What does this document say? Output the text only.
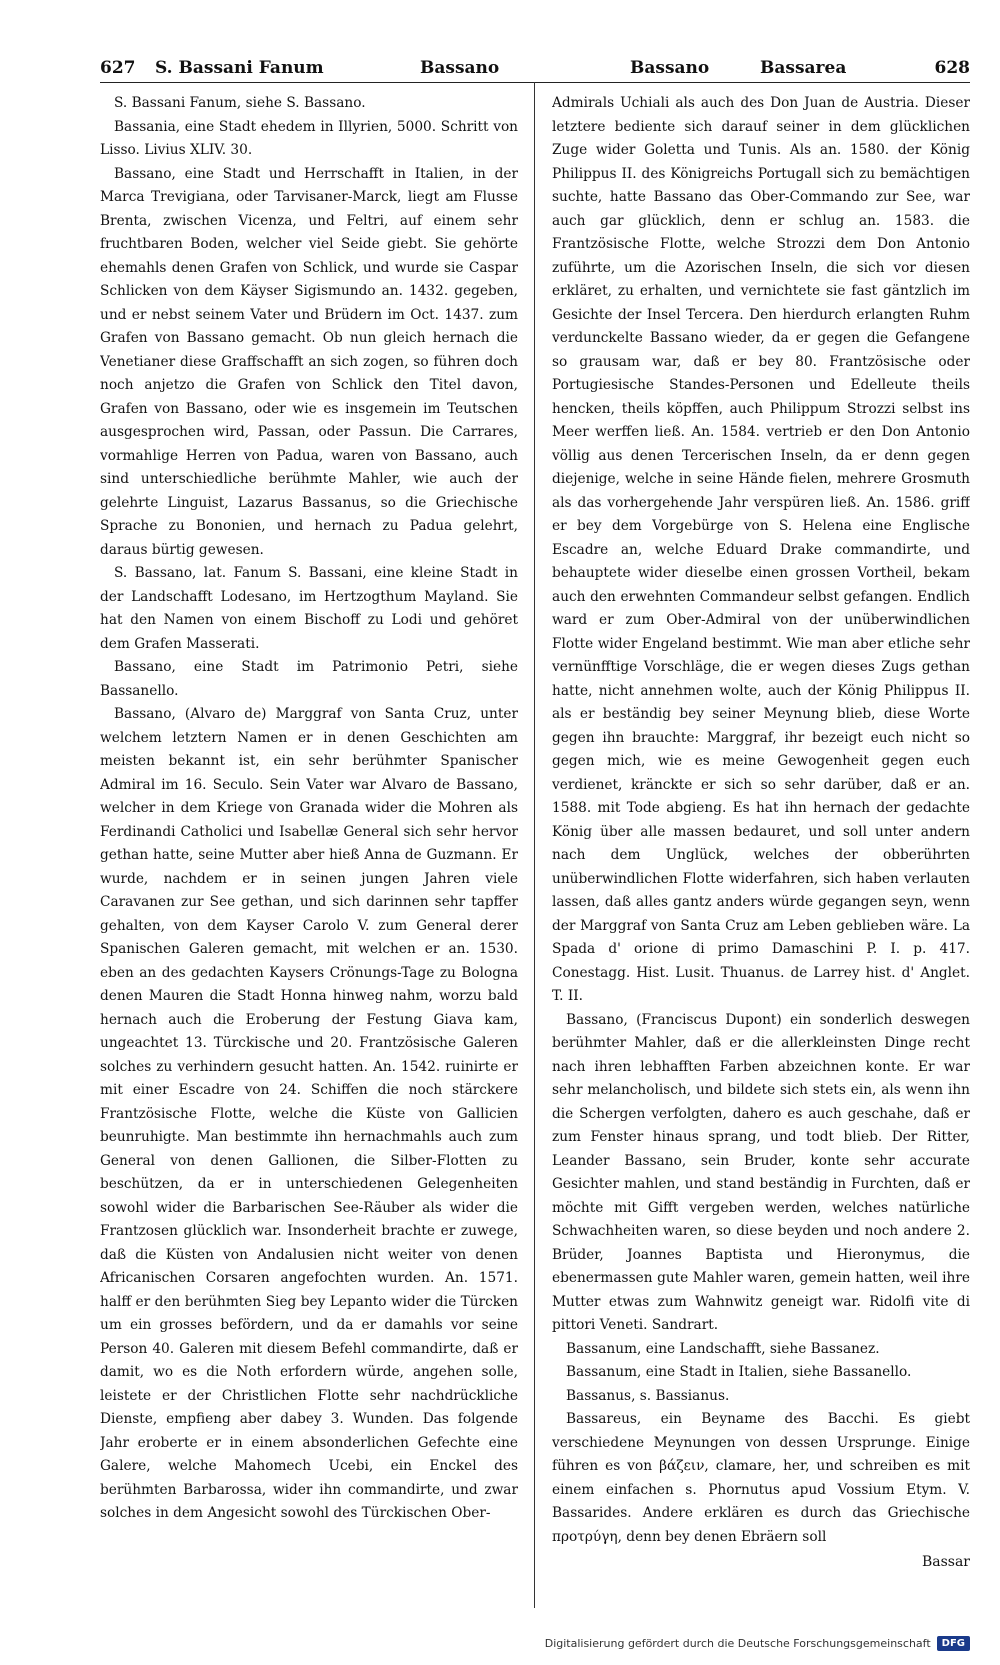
627 S. Bassani Fanum	Bassano	Bassano	Bassarea	628

S. Bassani Fanum, siehe S. Bassano.

Bassania, eine Stadt ehedem in Illyrien, 5000. Schritt von Lisso. Livius XLIV. 30.

Bassano, eine Stadt und Herrschafft in Italien, in der Marca Trevigiana, oder Tarvisaner-Marck, liegt am Flusse Brenta, zwischen Vicenza, und Feltri, auf einem sehr fruchtbaren Boden, welcher viel Seide giebt. Sie gehörte ehemahls denen Grafen von Schlick, und wurde sie Caspar Schlicken von dem Käyser Sigismundo an. 1432. gegeben, und er nebst seinem Vater und Brüdern im Oct. 1437. zum Grafen von Bassano gemacht. Ob nun gleich hernach die Venetianer diese Graffschafft an sich zogen, so führen doch noch anjetzo die Grafen von Schlick den Titel davon, Grafen von Bassano, oder wie es insgemein im Teutschen ausgesprochen wird, Passan, oder Passun. Die Carrares, vormahlige Herren von Padua, waren von Bassano, auch sind unterschiedliche berühmte Mahler, wie auch der gelehrte Linguist, Lazarus Bassanus, so die Griechische Sprache zu Bononien, und hernach zu Padua gelehrt, daraus bürtig gewesen.

S. Bassano, lat. Fanum S. Bassani, eine kleine Stadt in der Landschafft Lodesano, im Hertzogthum Mayland. Sie hat den Namen von einem Bischoff zu Lodi und gehöret dem Grafen Masserati.

Bassano, eine Stadt im Patrimonio Petri, siehe Bassanello.

Bassano, (Alvaro de) Marggraf von Santa Cruz, unter welchem letztern Namen er in denen Geschichten am meisten bekannt ist, ein sehr berühmter Spanischer Admiral im 16. Seculo. Sein Vater war Alvaro de Bassano, welcher in dem Kriege von Granada wider die Mohren als Ferdinandi Catholici und Isabellæ General sich sehr hervor gethan hatte, seine Mutter aber hieß Anna de Guzmann. Er wurde, nachdem er in seinen jungen Jahren viele Caravanen zur See gethan, und sich darinnen sehr tapffer gehalten, von dem Kayser Carolo V. zum General derer Spanischen Galeren gemacht, mit welchen er an. 1530. eben an des gedachten Kaysers Crönungs-Tage zu Bologna denen Mauren die Stadt Honna hinweg nahm, worzu bald hernach auch die Eroberung der Festung Giava kam, ungeachtet 13. Türckische und 20. Frantzösische Galeren solches zu verhindern gesucht hatten. An. 1542. ruinirte er mit einer Escadre von 24. Schiffen die noch stärckere Frantzösische Flotte, welche die Küste von Gallicien beunruhigte. Man bestimmte ihn hernachmahls auch zum General von denen Gallionen, die Silber-Flotten zu beschützen, da er in unterschiedenen Gelegenheiten sowohl wider die Barbarischen See-Räuber als wider die Frantzosen glücklich war. Insonderheit brachte er zuwege, daß die Küsten von Andalusien nicht weiter von denen Africanischen Corsaren angefochten wurden. An. 1571. halff er den berühmten Sieg bey Lepanto wider die Türcken um ein grosses befördern, und da er damahls vor seine Person 40. Galeren mit diesem Befehl commandirte, daß er damit, wo es die Noth erfordern würde, angehen solle, leistete er der Christlichen Flotte sehr nachdrückliche Dienste, empfieng aber dabey 3. Wunden. Das folgende Jahr eroberte er in einem absonderlichen Gefechte eine Galere, welche Mahomech Ucebi, ein Enckel des berühmten Barbarossa, wider ihn commandirte, und zwar solches in dem Angesicht sowohl des Türckischen Ober-

Admirals Uchiali als auch des Don Juan de Austria. Dieser letztere bediente sich darauf seiner in dem glücklichen Zuge wider Goletta und Tunis. Als an. 1580. der König Philippus II. des Königreichs Portugall sich zu bemächtigen suchte, hatte Bassano das Ober-Commando zur See, war auch gar glücklich, denn er schlug an. 1583. die Frantzösische Flotte, welche Strozzi dem Don Antonio zuführte, um die Azorischen Inseln, die sich vor diesen erkläret, zu erhalten, und vernichtete sie fast gäntzlich im Gesichte der Insel Tercera. Den hierdurch erlangten Ruhm verdunckelte Bassano wieder, da er gegen die Gefangene so grausam war, daß er bey 80. Frantzösische oder Portugiesische Standes-Personen und Edelleute theils hencken, theils köpffen, auch Philippum Strozzi selbst ins Meer werffen ließ. An. 1584. vertrieb er den Don Antonio völlig aus denen Tercerischen Inseln, da er denn gegen diejenige, welche in seine Hände fielen, mehrere Grosmuth als das vorhergehende Jahr verspüren ließ. An. 1586. griff er bey dem Vorgebürge von S. Helena eine Englische Escadre an, welche Eduard Drake commandirte, und behauptete wider dieselbe einen grossen Vortheil, bekam auch den erwehnten Commandeur selbst gefangen. Endlich ward er zum Ober-Admiral von der unüberwindlichen Flotte wider Engeland bestimmt. Wie man aber etliche sehr vernünfftige Vorschläge, die er wegen dieses Zugs gethan hatte, nicht annehmen wolte, auch der König Philippus II. als er beständig bey seiner Meynung blieb, diese Worte gegen ihn brauchte: Marggraf, ihr bezeigt euch nicht so gegen mich, wie es meine Gewogenheit gegen euch verdienet, kränckte er sich so sehr darüber, daß er an. 1588. mit Tode abgieng. Es hat ihn hernach der gedachte König über alle massen bedauret, und soll unter andern nach dem Unglück, welches der obberührten unüberwindlichen Flotte widerfahren, sich haben verlauten lassen, daß alles gantz anders würde gegangen seyn, wenn der Marggraf von Santa Cruz am Leben geblieben wäre. La Spada d' orione di primo Damaschini P. I. p. 417. Conestagg. Hist. Lusit. Thuanus. de Larrey hist. d' Anglet. T. II.

Bassano, (Franciscus Dupont) ein sonderlich deswegen berühmter Mahler, daß er die allerkleinsten Dinge recht nach ihren lebhafften Farben abzeichnen konte. Er war sehr melancholisch, und bildete sich stets ein, als wenn ihn die Schergen verfolgten, dahero es auch geschahe, daß er zum Fenster hinaus sprang, und todt blieb. Der Ritter, Leander Bassano, sein Bruder, konte sehr accurate Gesichter mahlen, und stand beständig in Furchten, daß er möchte mit Gifft vergeben werden, welches natürliche Schwachheiten waren, so diese beyden und noch andere 2. Brüder, Joannes Baptista und Hieronymus, die ebenermassen gute Mahler waren, gemein hatten, weil ihre Mutter etwas zum Wahnwitz geneigt war. Ridolfi vite di pittori Veneti. Sandrart.

Bassanum, eine Landschafft, siehe Bassanez.

Bassanum, eine Stadt in Italien, siehe Bassanello.

Bassanus, s. Bassianus.

Bassareus, ein Beyname des Bacchi. Es giebt verschiedene Meynungen von dessen Ursprunge. Einige führen es von βάζειν, clamare, her, und schreiben es mit einem einfachen s. Phornutus apud Vossium Etym. V. Bassarides. Andere erklären es durch das Griechische προτρύγη, denn bey denen Ebräern soll

Bassar
Digitalisierung gefördert durch die Deutsche Forschungsgemeinschaft	DFG
